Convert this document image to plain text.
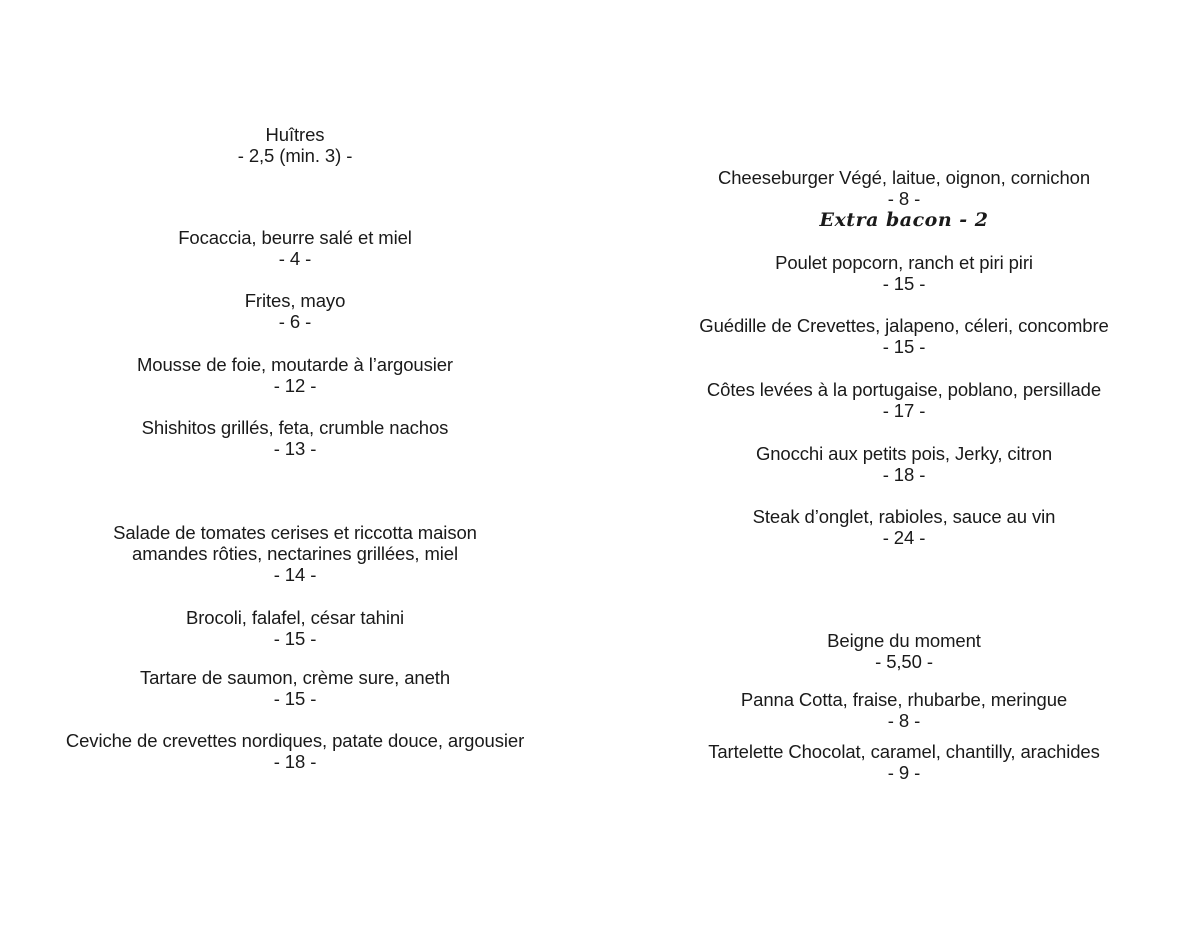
Huîtres
- 2,5 (min. 3) -
Focaccia, beurre salé et miel
- 4 -
Frites, mayo
- 6 -
Mousse de foie, moutarde à l’argousier
- 12 -
Shishitos grillés, feta, crumble nachos
- 13 -
Salade de tomates cerises et riccotta maison
amandes rôties, nectarines grillées, miel
- 14 -
Brocoli, falafel, césar tahini
- 15 -
Tartare de saumon, crème sure, aneth
- 15 -
Ceviche de crevettes nordiques, patate douce, argousier
- 18 -
Cheeseburger Végé, laitue, oignon, cornichon
- 8 -
Extra bacon - 2
Poulet popcorn, ranch et piri piri
- 15 -
Guédille de Crevettes, jalapeno, céleri, concombre
- 15 -
Côtes levées à la portugaise, poblano, persillade
- 17 -
Gnocchi aux petits pois, Jerky, citron
- 18 -
Steak d’onglet, rabioles, sauce au vin
- 24 -
Beigne du moment
- 5,50 -
Panna Cotta, fraise, rhubarbe, meringue
- 8 -
Tartelette Chocolat, caramel, chantilly, arachides
- 9 -
